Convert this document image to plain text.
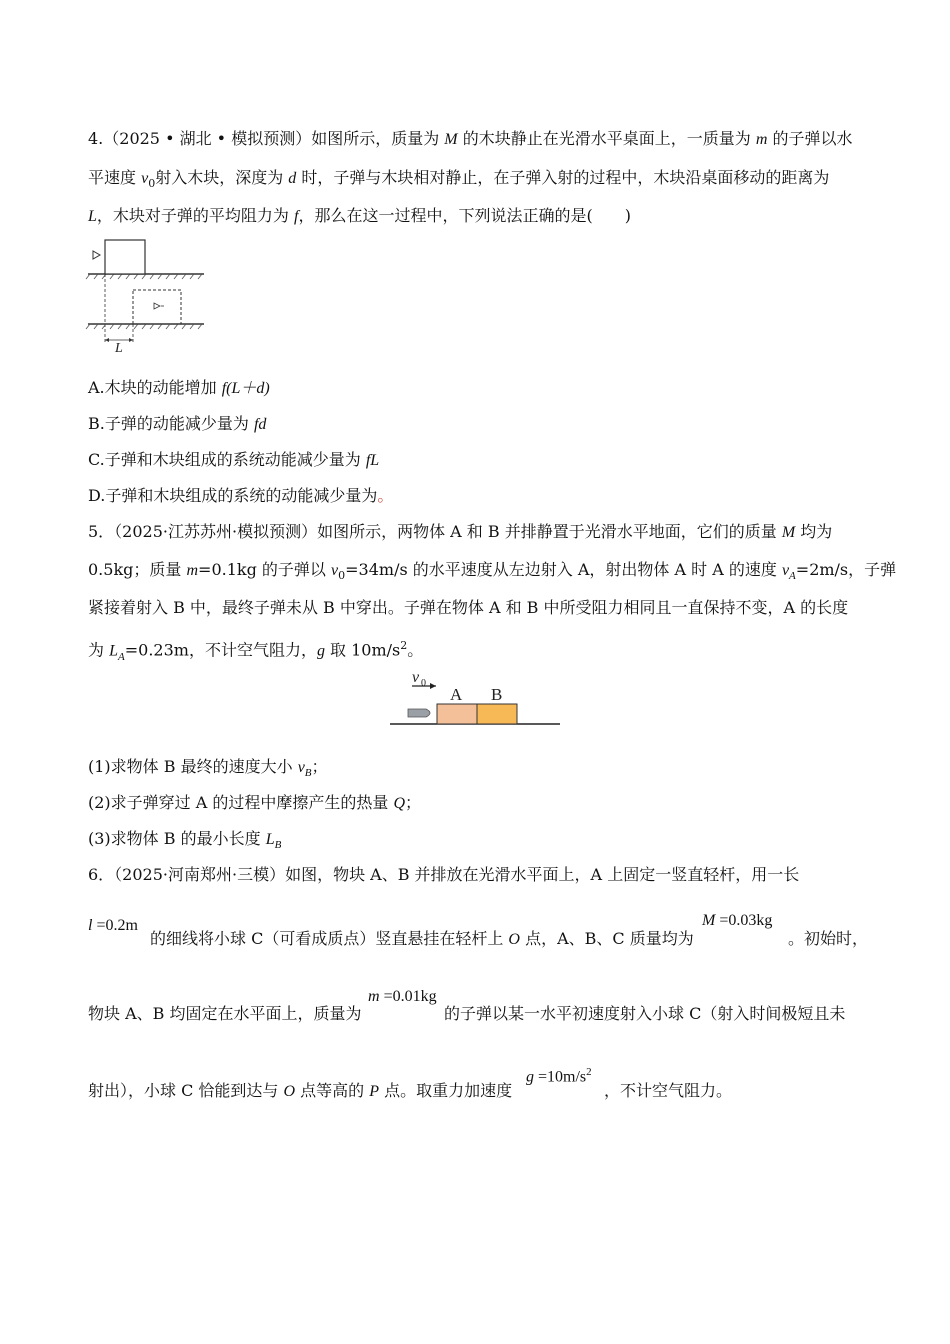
4.（2025 • 湖北 • 模拟预测）如图所示，质量为 M 的木块静止在光滑水平桌面上，一质量为 m 的子弹以水
平速度 $v_0$射入木块，深度为 d 时，子弹与木块相对静止，在子弹入射的过程中，木块沿桌面移动的距离为
L，木块对子弹的平均阻力为 f，那么在这一过程中，下列说法正确的是(　　)
L
A.木块的动能增加 f(L＋d)
B.子弹的动能减少量为 fd
C.子弹和木块组成的系统动能减少量为 fL
D.子弹和木块组成的系统的动能减少量为。
5．（2025·江苏苏州·模拟预测）如图所示，两物体 A 和 B 并排静置于光滑水平地面，它们的质量 M 均为
0.5kg；质量 m=0.1kg 的子弹以 $v_0=34m/s$ 的水平速度从左边射入 A，射出物体 A 时 A 的速度 $v_A=2m/s$，子弹
紧接着射入 B 中，最终子弹未从 B 中穿出。子弹在物体 A 和 B 中所受阻力相同且一直保持不变，A 的长度
为 $L_A=0.23m$，不计空气阻力，g 取 $10m/s^2$。
v 0
A B
(1)求物体 B 最终的速度大小 $v_B$；
(2)求子弹穿过 A 的过程中摩擦产生的热量 Q；
(3)求物体 B 的最小长度 $L_B$
6．（2025·河南郑州·三模）如图，物块 A、B 并排放在光滑水平面上，A 上固定一竖直轻杆，用一长
l =0.2m
的细线将小球 C（可看成质点）竖直悬挂在轻杆上 O 点，A、B、C 质量均为
M =0.03kg
。初始时，
物块 A、B 均固定在水平面上，质量为
m =0.01kg
的子弹以某一水平初速度射入小球 C（射入时间极短且未
射出），小球 C 恰能到达与 O 点等高的 P 点。取重力加速度
$g =10m/s^2$
，不计空气阻力。
